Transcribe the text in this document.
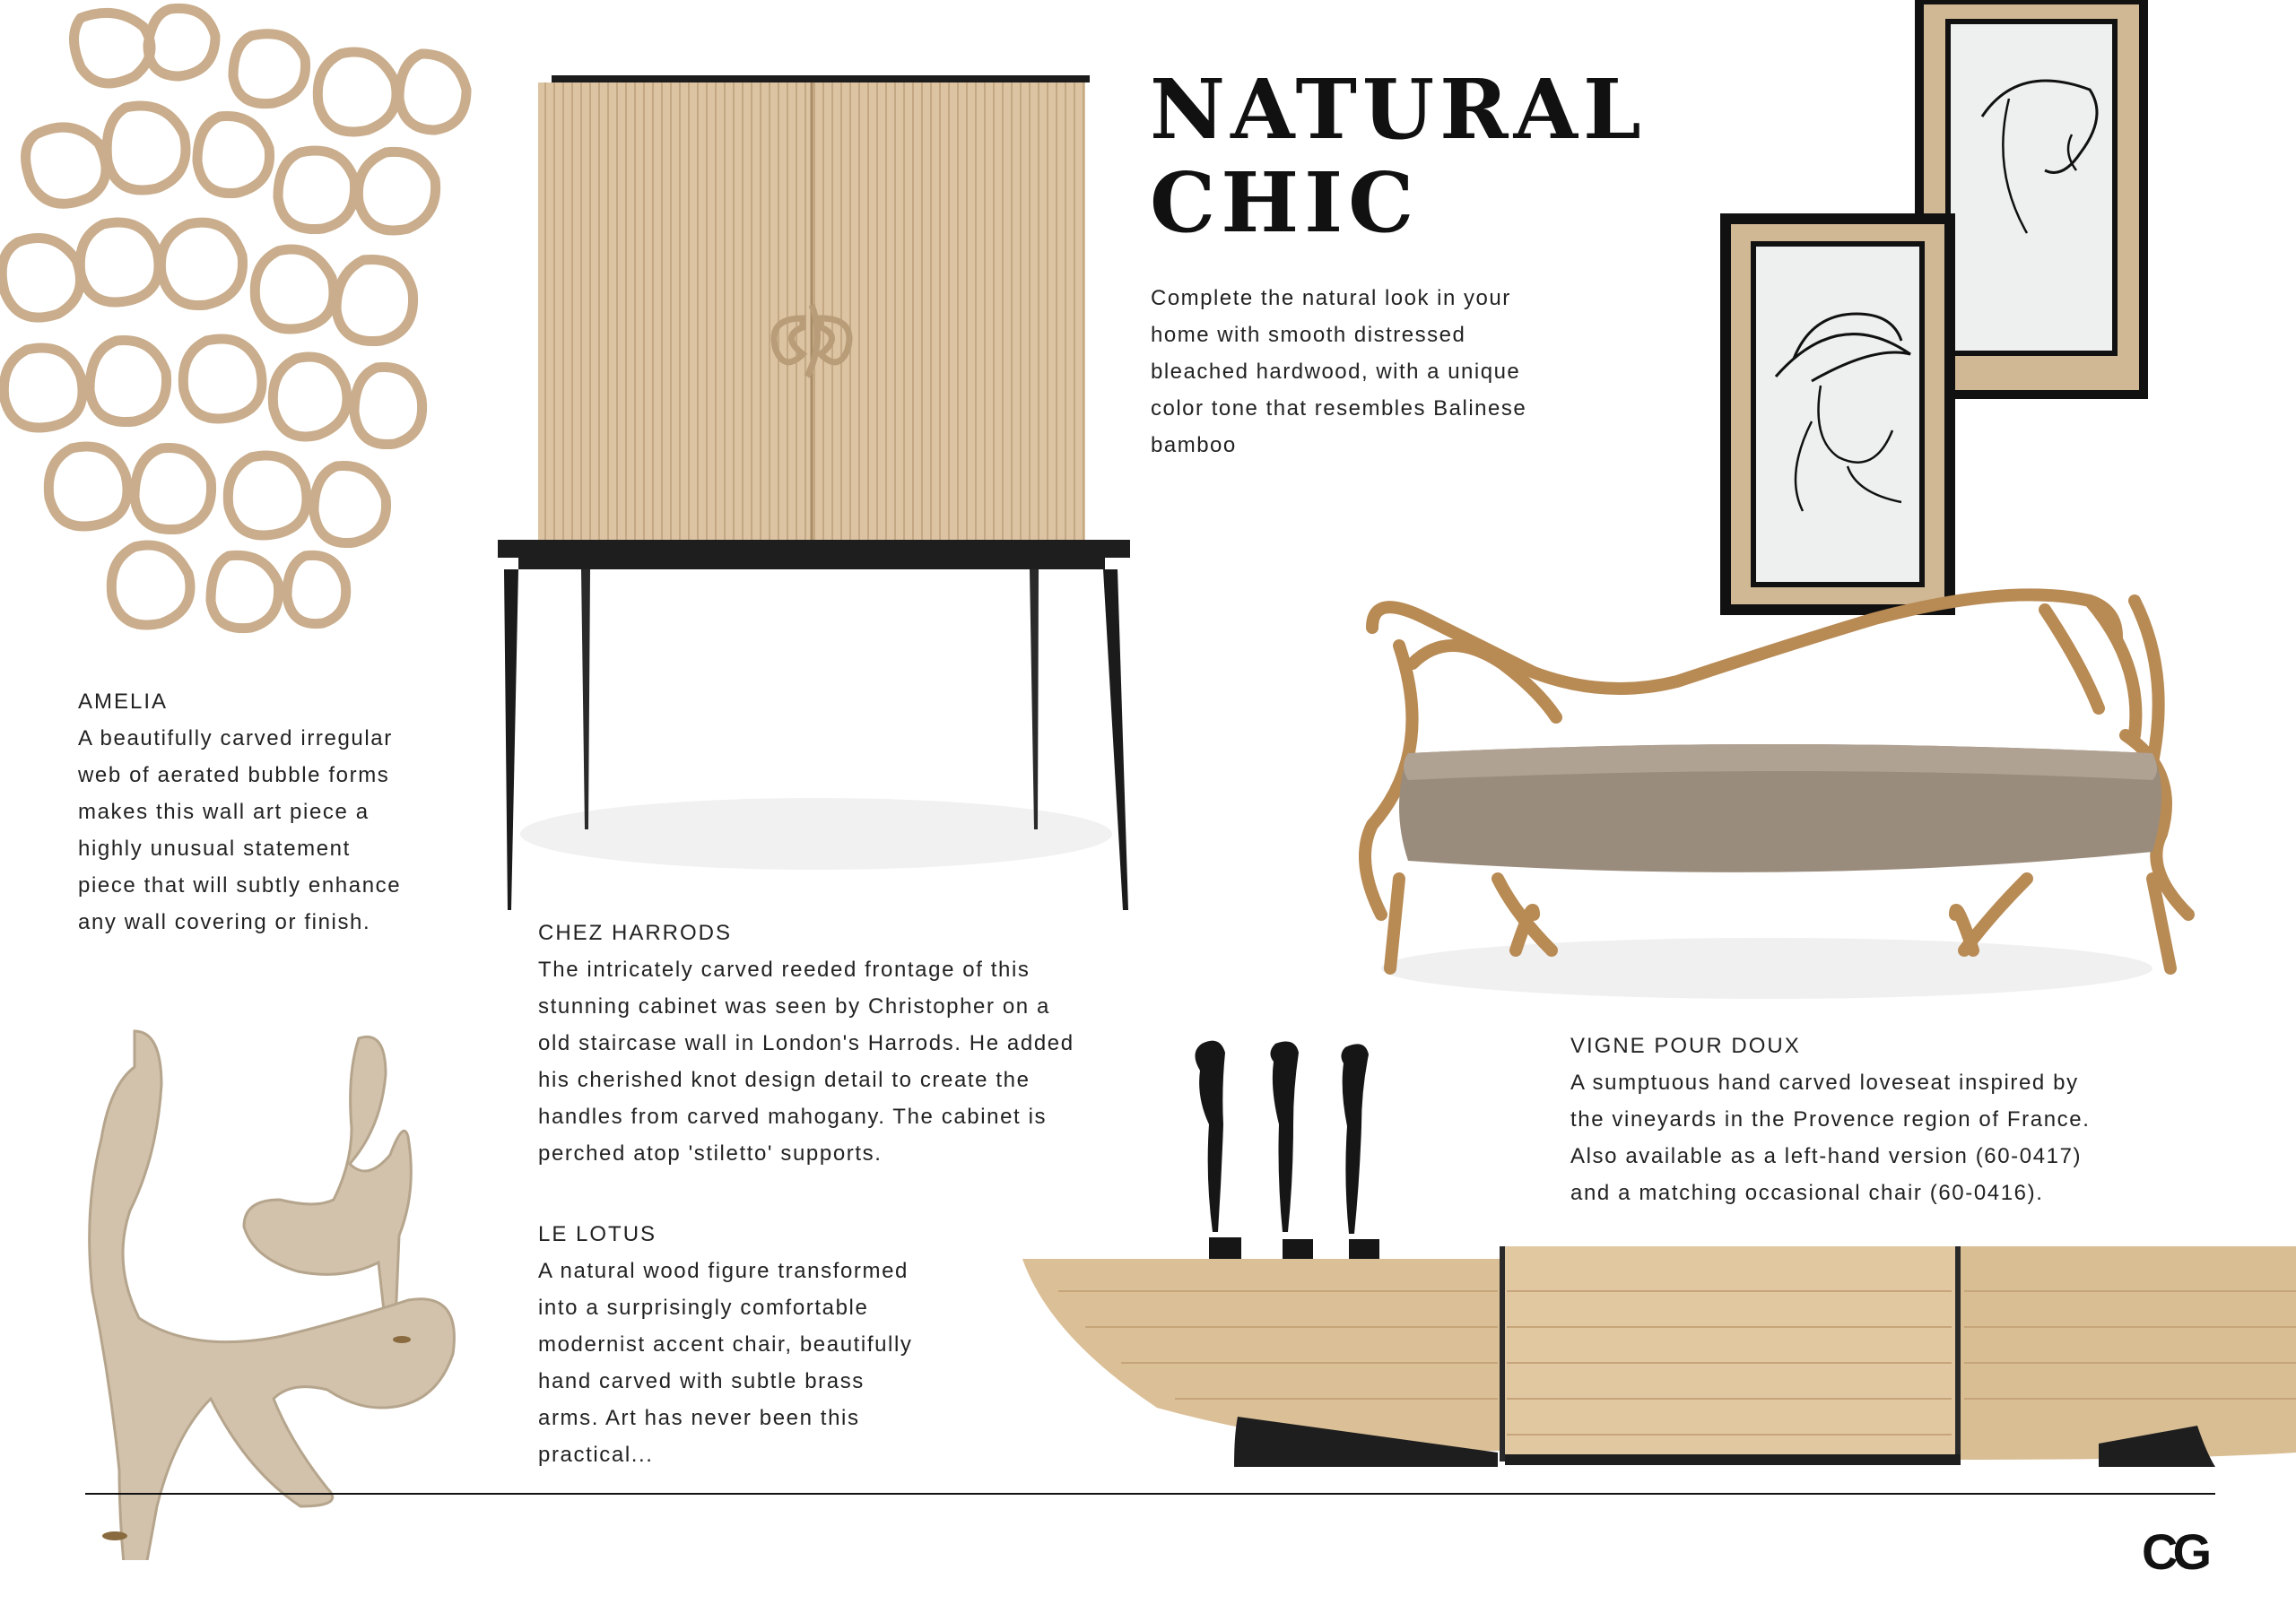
NATURAL
CHIC
Complete the natural look in your
home with smooth distressed
bleached hardwood, with a unique
color tone that resembles Balinese
bamboo
AMELIA
A beautifully carved irregular
web of aerated bubble forms
makes this wall art piece a
highly unusual statement
piece that will subtly enhance
any wall covering or finish.	CHEZ HARRODS
The intricately carved reeded frontage of this
stunning cabinet was seen by Christopher on a
old staircase wall in London's Harrods. He added
his cherished knot design detail to create the
handles from carved mahogany. The cabinet is
perched atop 'stiletto' supports.
VIGNE POUR DOUX
A sumptuous hand carved loveseat inspired by
the vineyards in the Provence region of France.
Also available as a left-hand version (60-0417)
and a matching occasional chair (60-0416).
LE LOTUS
A natural wood figure transformed
into a surprisingly comfortable
modernist accent chair, beautifully
hand carved with subtle brass
arms. Art has never been this
practical...
CG
